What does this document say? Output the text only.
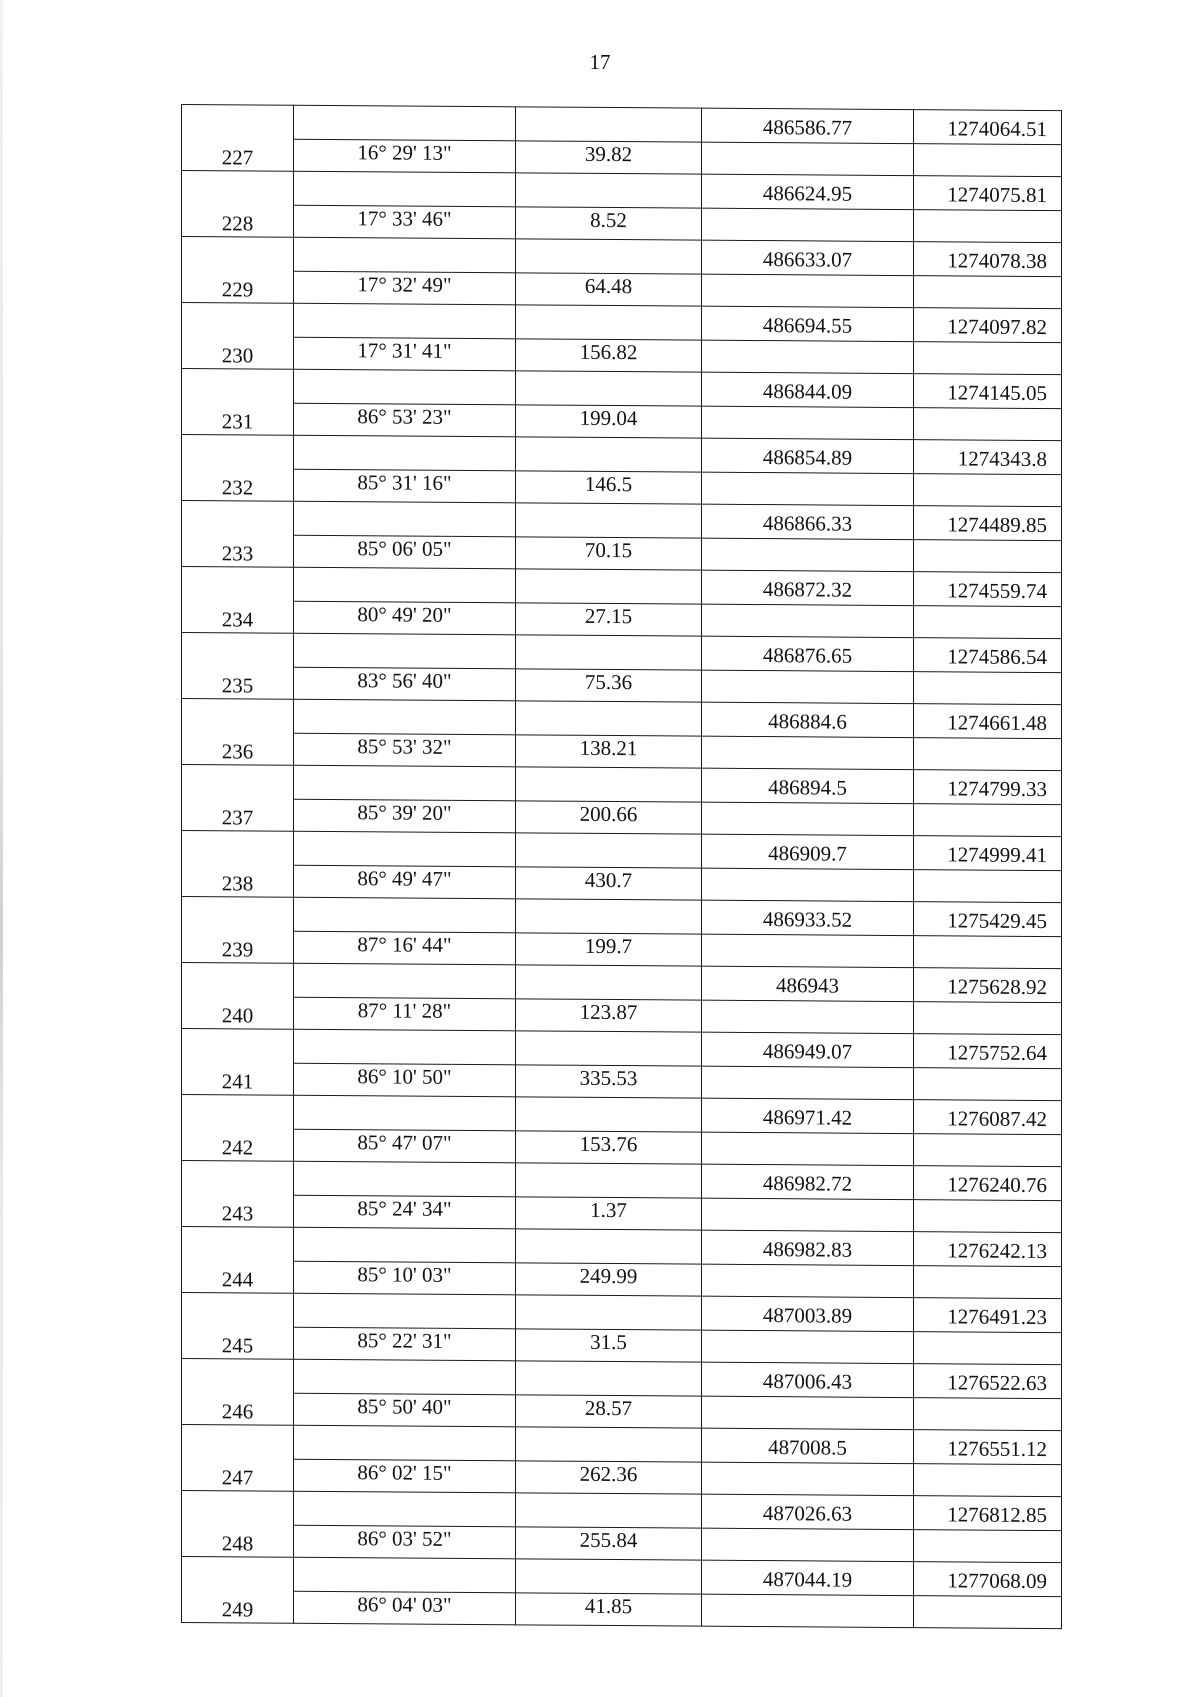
17
227			486586.77	1274064.51
	16° 29' 13"	39.82		
228			486624.95	1274075.81
	17° 33' 46"	8.52		
229			486633.07	1274078.38
	17° 32' 49"	64.48		
230			486694.55	1274097.82
	17° 31' 41"	156.82		
231			486844.09	1274145.05
	86° 53' 23"	199.04		
232			486854.89	1274343.8
	85° 31' 16"	146.5		
233			486866.33	1274489.85
	85° 06' 05"	70.15		
234			486872.32	1274559.74
	80° 49' 20"	27.15		
235			486876.65	1274586.54
	83° 56' 40"	75.36		
236			486884.6	1274661.48
	85° 53' 32"	138.21		
237			486894.5	1274799.33
	85° 39' 20"	200.66		
238			486909.7	1274999.41
	86° 49' 47"	430.7		
239			486933.52	1275429.45
	87° 16' 44"	199.7		
240			486943	1275628.92
	87° 11' 28"	123.87		
241			486949.07	1275752.64
	86° 10' 50"	335.53		
242			486971.42	1276087.42
	85° 47' 07"	153.76		
243			486982.72	1276240.76
	85° 24' 34"	1.37		
244			486982.83	1276242.13
	85° 10' 03"	249.99		
245			487003.89	1276491.23
	85° 22' 31"	31.5		
246			487006.43	1276522.63
	85° 50' 40"	28.57		
247			487008.5	1276551.12
	86° 02' 15"	262.36		
248			487026.63	1276812.85
	86° 03' 52"	255.84		
249			487044.19	1277068.09
	86° 04' 03"	41.85		
